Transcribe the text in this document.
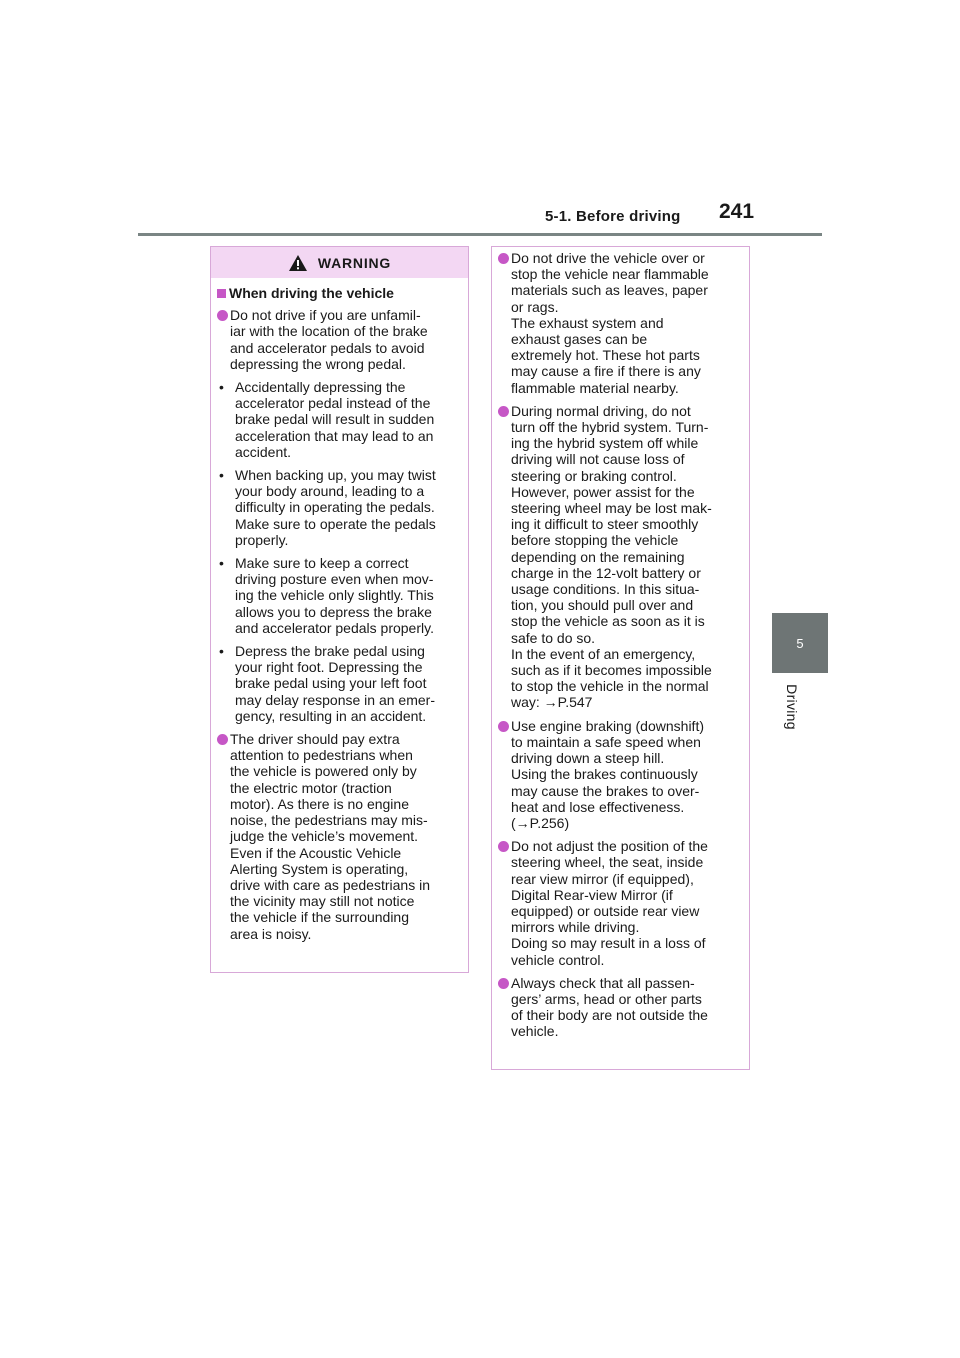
5-1. Before driving 241
5
Driving
WARNING
When driving the vehicle
Do not drive if you are unfamil-
iar with the location of the brake
and accelerator pedals to avoid
depressing the wrong pedal.
• Accidentally depressing the
accelerator pedal instead of the
brake pedal will result in sudden
acceleration that may lead to an
accident.
• When backing up, you may twist
your body around, leading to a
difficulty in operating the pedals.
Make sure to operate the pedals
properly.
• Make sure to keep a correct
driving posture even when mov-
ing the vehicle only slightly. This
allows you to depress the brake
and accelerator pedals properly.
• Depress the brake pedal using
your right foot. Depressing the
brake pedal using your left foot
may delay response in an emer-
gency, resulting in an accident.
The driver should pay extra
attention to pedestrians when
the vehicle is powered only by
the electric motor (traction
motor). As there is no engine
noise, the pedestrians may mis-
judge the vehicle’s movement.
Even if the Acoustic Vehicle
Alerting System is operating,
drive with care as pedestrians in
the vicinity may still not notice
the vehicle if the surrounding
area is noisy.
Do not drive the vehicle over or
stop the vehicle near flammable
materials such as leaves, paper
or rags.
The exhaust system and
exhaust gases can be
extremely hot. These hot parts
may cause a fire if there is any
flammable material nearby.
During normal driving, do not
turn off the hybrid system. Turn-
ing the hybrid system off while
driving will not cause loss of
steering or braking control.
However, power assist for the
steering wheel may be lost mak-
ing it difficult to steer smoothly
before stopping the vehicle
depending on the remaining
charge in the 12-volt battery or
usage conditions. In this situa-
tion, you should pull over and
stop the vehicle as soon as it is
safe to do so.
In the event of an emergency,
such as if it becomes impossible
to stop the vehicle in the normal
way: →P.547
Use engine braking (downshift)
to maintain a safe speed when
driving down a steep hill.
Using the brakes continuously
may cause the brakes to over-
heat and lose effectiveness.
(→P.256)
Do not adjust the position of the
steering wheel, the seat, inside
rear view mirror (if equipped),
Digital Rear-view Mirror (if
equipped) or outside rear view
mirrors while driving.
Doing so may result in a loss of
vehicle control.
Always check that all passen-
gers’ arms, head or other parts
of their body are not outside the
vehicle.
